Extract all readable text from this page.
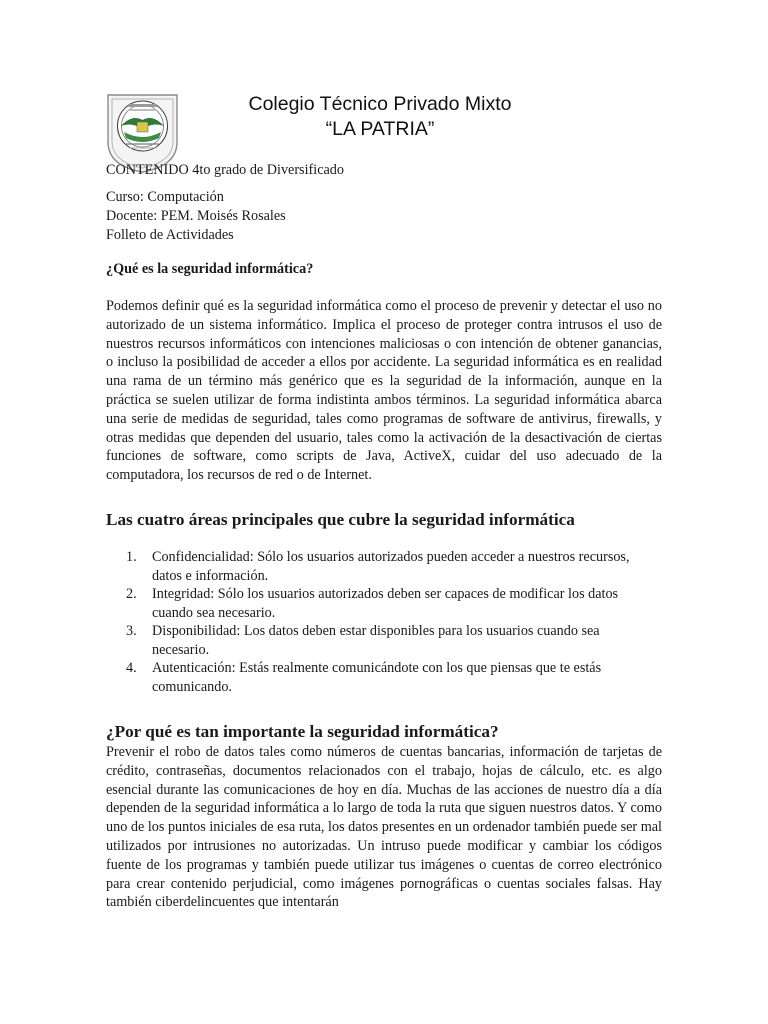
Colegio Técnico Privado Mixto
“LA PATRIA”
CONTENIDO 4to grado de Diversificado
Curso: Computación
Docente: PEM. Moisés Rosales
Folleto de Actividades
¿Qué es la seguridad informática?
Podemos definir qué es la seguridad informática como el proceso de prevenir y detectar el uso no autorizado de un sistema informático. Implica el proceso de proteger contra intrusos el uso de nuestros recursos informáticos con intenciones maliciosas o con intención de obtener ganancias, o incluso la posibilidad de acceder a ellos por accidente. La seguridad informática es en realidad una rama de un término más genérico que es la seguridad de la información, aunque en la práctica se suelen utilizar de forma indistinta ambos términos. La seguridad informática abarca una serie de medidas de seguridad, tales como programas de software de antivirus, firewalls, y otras medidas que dependen del usuario, tales como la activación de la desactivación de ciertas funciones de software, como scripts de Java, ActiveX, cuidar del uso adecuado de la computadora, los recursos de red o de Internet.
Las cuatro áreas principales que cubre la seguridad informática
1.	Confidencialidad: Sólo los usuarios autorizados pueden acceder a nuestros recursos, datos e información.
2.	Integridad: Sólo los usuarios autorizados deben ser capaces de modificar los datos cuando sea necesario.
3.	Disponibilidad: Los datos deben estar disponibles para los usuarios cuando sea necesario.
4.	Autenticación: Estás realmente comunicándote con los que piensas que te estás comunicando.
¿Por qué es tan importante la seguridad informática?
Prevenir el robo de datos tales como números de cuentas bancarias, información de tarjetas de crédito, contraseñas, documentos relacionados con el trabajo, hojas de cálculo, etc. es algo esencial durante las comunicaciones de hoy en día. Muchas de las acciones de nuestro día a día dependen de la seguridad informática a lo largo de toda la ruta que siguen nuestros datos. Y como uno de los puntos iniciales de esa ruta, los datos presentes en un ordenador también puede ser mal utilizados por intrusiones no autorizadas. Un intruso puede modificar y cambiar los códigos fuente de los programas y también puede utilizar tus imágenes o cuentas de correo electrónico para crear contenido perjudicial, como imágenes pornográficas o cuentas sociales falsas. Hay también ciberdelincuentes que intentarán
